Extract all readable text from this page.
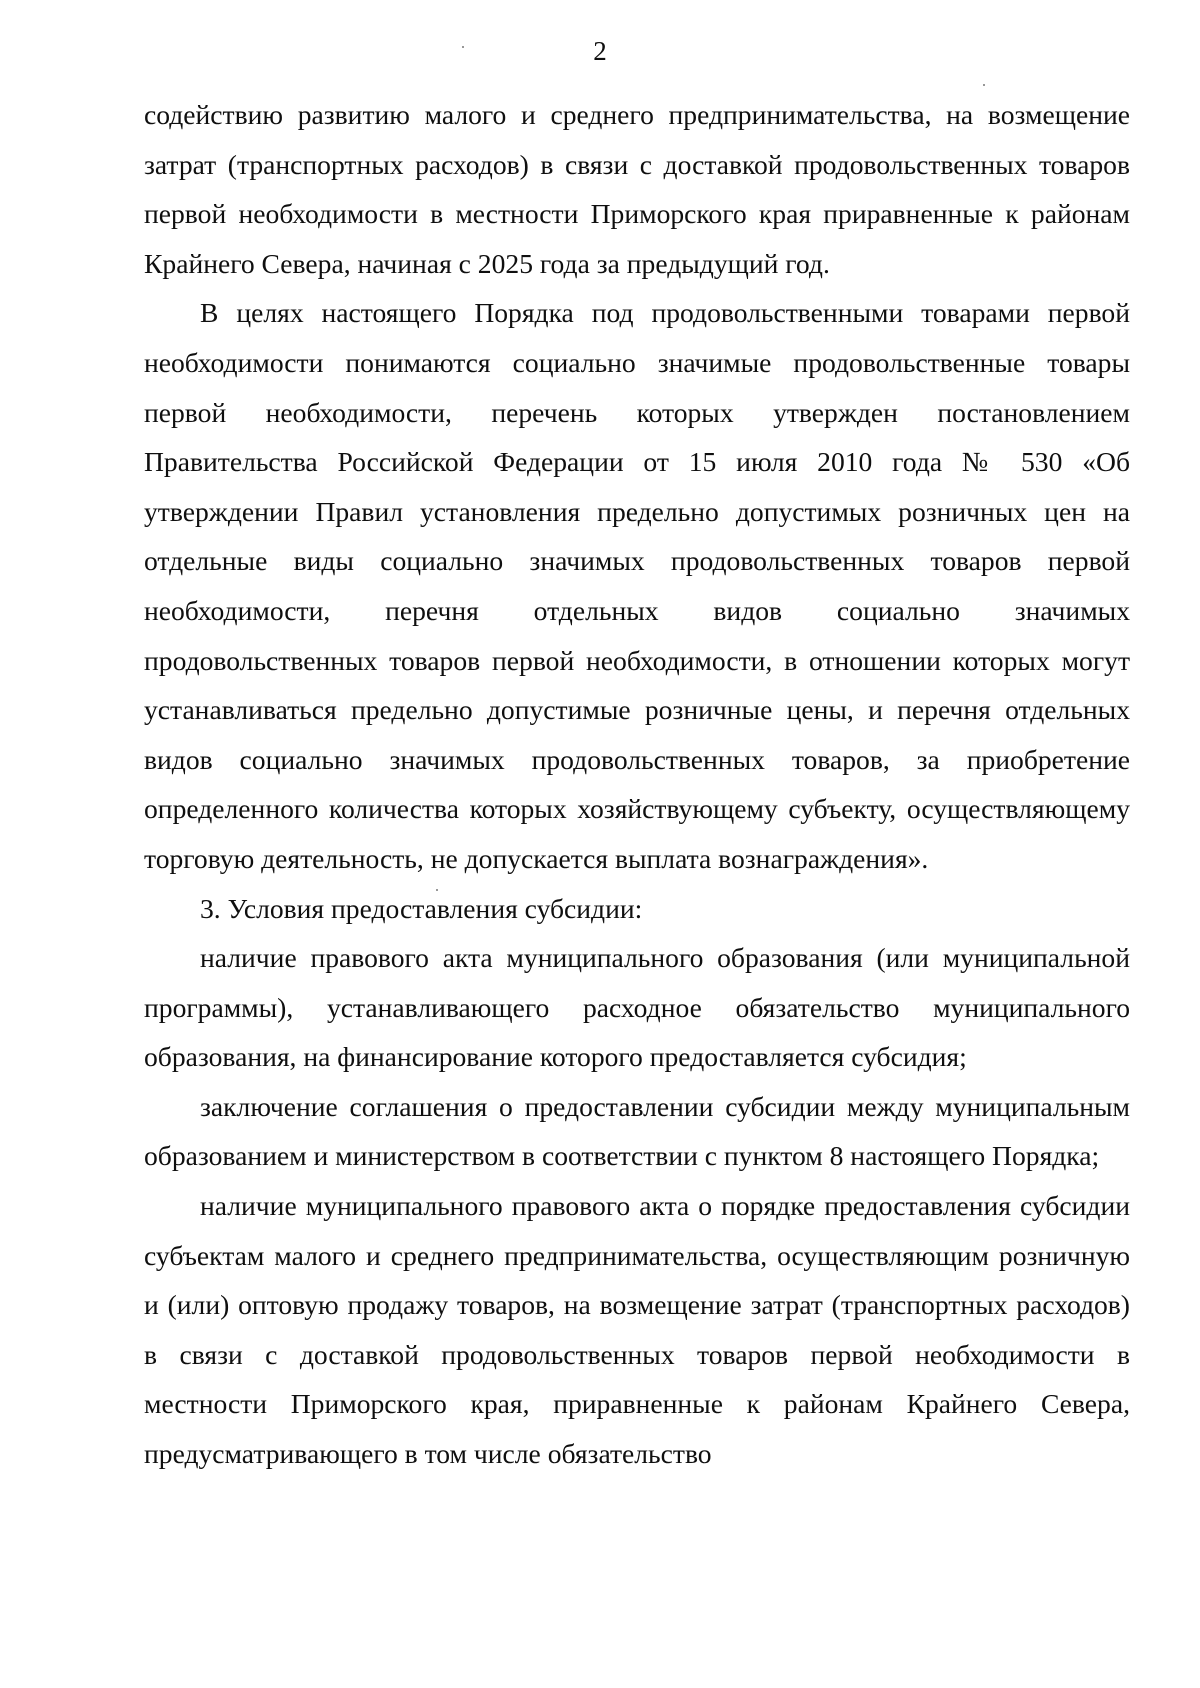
2

содействию развитию малого и среднего предпринимательства, на возмещение затрат (транспортных расходов) в связи с доставкой продовольственных товаров первой необходимости в местности Приморского края приравненные к районам Крайнего Севера, начиная с 2025 года за предыдущий год.

В целях настоящего Порядка под продовольственными товарами первой необходимости понимаются социально значимые продовольственные товары первой необходимости, перечень которых утвержден постановлением Правительства Российской Федерации от 15 июля 2010 года № 530 «Об утверждении Правил установления предельно допустимых розничных цен на отдельные виды социально значимых продовольственных товаров первой необходимости, перечня отдельных видов социально значимых продовольственных товаров первой необходимости, в отношении которых могут устанавливаться предельно допустимые розничные цены, и перечня отдельных видов социально значимых продовольственных товаров, за приобретение определенного количества которых хозяйствующему субъекту, осуществляющему торговую деятельность, не допускается выплата вознаграждения».

3. Условия предоставления субсидии:

наличие правового акта муниципального образования (или муниципальной программы), устанавливающего расходное обязательство муниципального образования, на финансирование которого предоставляется субсидия;

заключение соглашения о предоставлении субсидии между муниципальным образованием и министерством в соответствии с пунктом 8 настоящего Порядка;

наличие муниципального правового акта о порядке предоставления субсидии субъектам малого и среднего предпринимательства, осуществляющим розничную и (или) оптовую продажу товаров, на возмещение затрат (транспортных расходов) в связи с доставкой продовольственных товаров первой необходимости в местности Приморского края, приравненные к районам Крайнего Севера, предусматривающего в том числе обязательство
